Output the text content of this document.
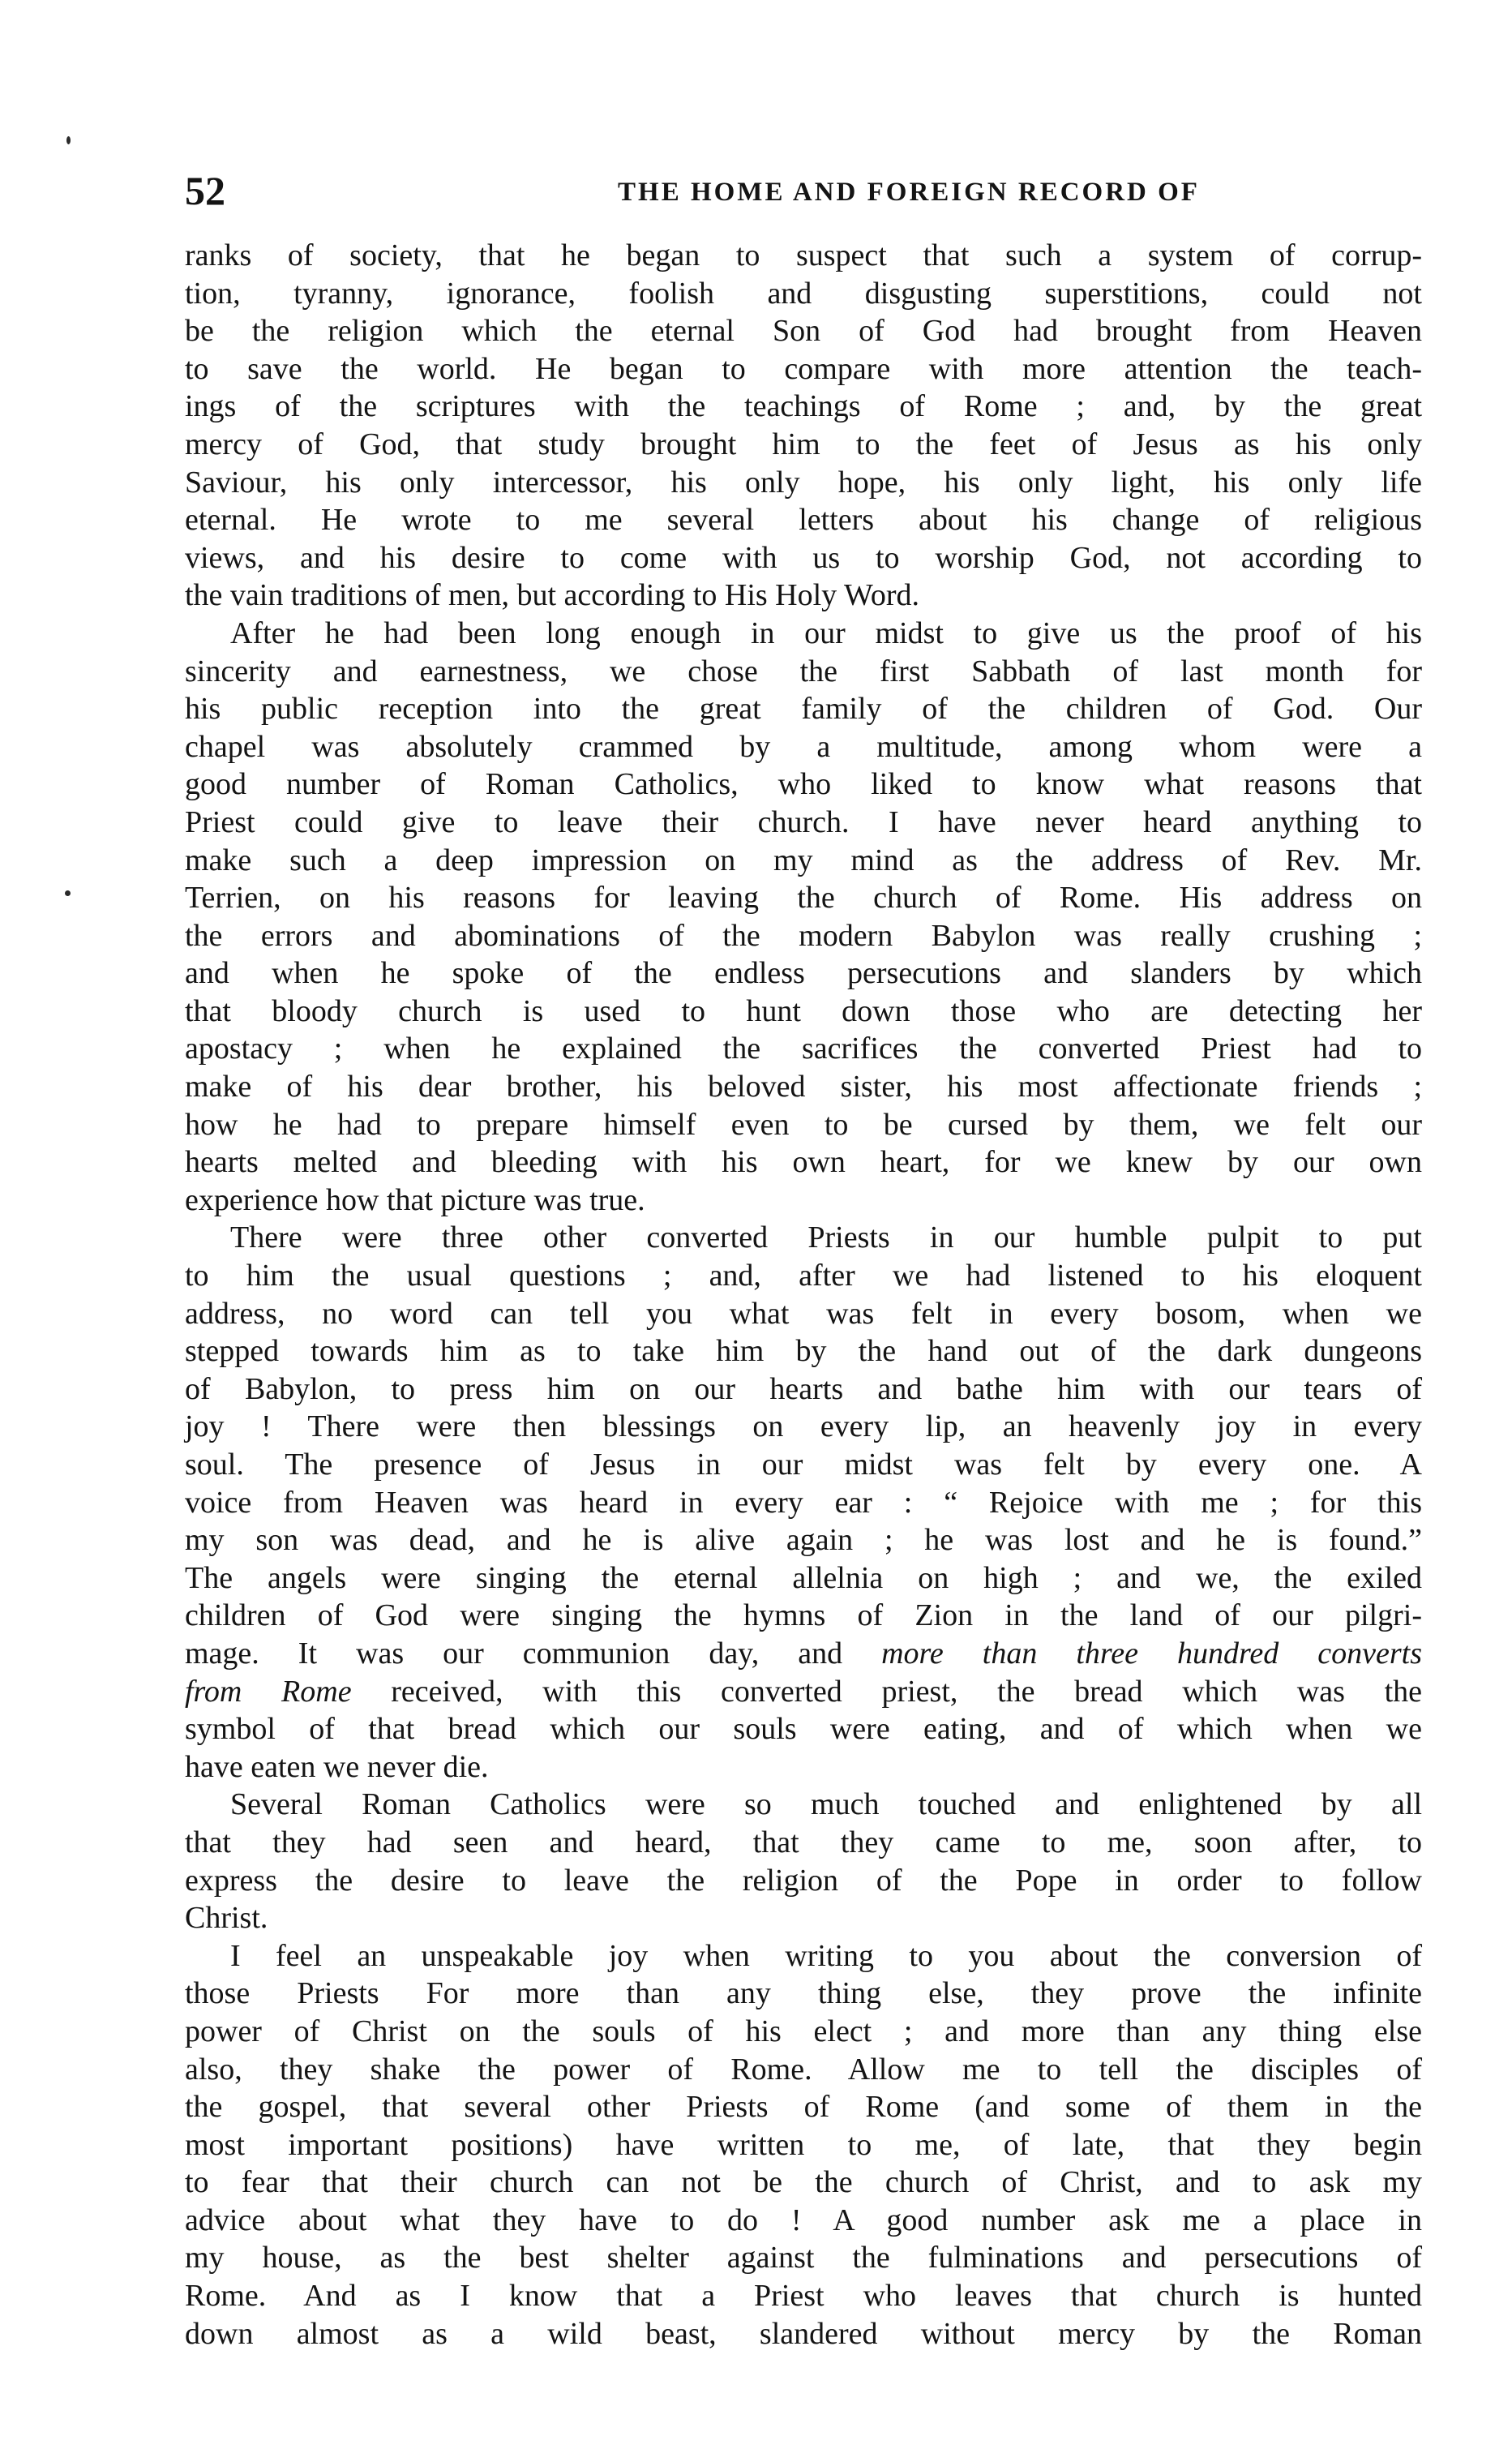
52	THE HOME AND FOREIGN RECORD OF

ranks of society, that he began to suspect that such a system of corrup-
tion, tyranny, ignorance, foolish and disgusting superstitions, could not
be the religion which the eternal Son of God had brought from Heaven
to save the world. He began to compare with more attention the teach-
ings of the scriptures with the teachings of Rome ; and, by the great
mercy of God, that study brought him to the feet of Jesus as his only
Saviour, his only intercessor, his only hope, his only light, his only life
eternal. He wrote to me several letters about his change of religious
views, and his desire to come with us to worship God, not according to
the vain traditions of men, but according to His Holy Word.

After he had been long enough in our midst to give us the proof of his
sincerity and earnestness, we chose the first Sabbath of last month for
his public reception into the great family of the children of God. Our
chapel was absolutely crammed by a multitude, among whom were a
good number of Roman Catholics, who liked to know what reasons that
Priest could give to leave their church. I have never heard anything to
make such a deep impression on my mind as the address of Rev. Mr.
Terrien, on his reasons for leaving the church of Rome. His address on
the errors and abominations of the modern Babylon was really crushing ;
and when he spoke of the endless persecutions and slanders by which
that bloody church is used to hunt down those who are detecting her
apostacy ; when he explained the sacrifices the converted Priest had to
make of his dear brother, his beloved sister, his most affectionate friends ;
how he had to prepare himself even to be cursed by them, we felt our
hearts melted and bleeding with his own heart, for we knew by our own
experience how that picture was true.

There were three other converted Priests in our humble pulpit to put
to him the usual questions ; and, after we had listened to his eloquent
address, no word can tell you what was felt in every bosom, when we
stepped towards him as to take him by the hand out of the dark dungeons
of Babylon, to press him on our hearts and bathe him with our tears of
joy ! There were then blessings on every lip, an heavenly joy in every
soul. The presence of Jesus in our midst was felt by every one. A
voice from Heaven was heard in every ear : “ Rejoice with me ; for this
my son was dead, and he is alive again ; he was lost and he is found.”
The angels were singing the eternal allelnia on high ; and we, the exiled
children of God were singing the hymns of Zion in the land of our pilgri-
mage. It was our communion day, and more than three hundred converts
from Rome received, with this converted priest, the bread which was the
symbol of that bread which our souls were eating, and of which when we
have eaten we never die.

Several Roman Catholics were so much touched and enlightened by all
that they had seen and heard, that they came to me, soon after, to
express the desire to leave the religion of the Pope in order to follow
Christ.

I feel an unspeakable joy when writing to you about the conversion of
those Priests For more than any thing else, they prove the infinite
power of Christ on the souls of his elect ; and more than any thing else
also, they shake the power of Rome. Allow me to tell the disciples of
the gospel, that several other Priests of Rome (and some of them in the
most important positions) have written to me, of late, that they begin
to fear that their church can not be the church of Christ, and to ask my
advice about what they have to do ! A good number ask me a place in
my house, as the best shelter against the fulminations and persecutions of
Rome. And as I know that a Priest who leaves that church is hunted
down almost as a wild beast, slandered without mercy by the Roman
